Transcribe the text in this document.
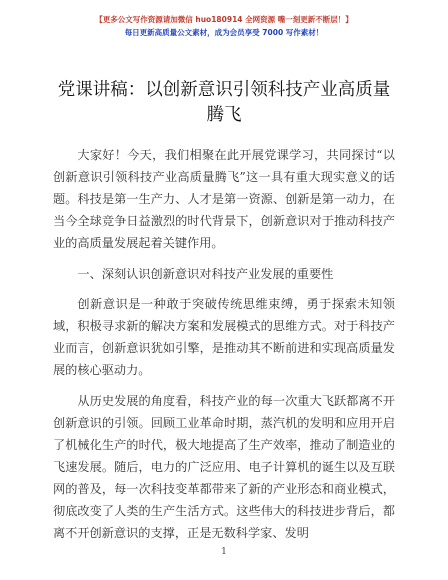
【更多公文写作资源请加微信 huo180914 全网资源 嘴一刻更新不断层！】
每日更新高质量公文素材，成为会员享受 7000 写作素材！
党课讲稿：以创新意识引领科技产业高质量腾飞

大家好！今天，我们相聚在此开展党课学习，共同探讨“以创新意识引领科技产业高质量腾飞”这一具有重大现实意义的话题。科技是第一生产力、人才是第一资源、创新是第一动力，在当今全球竞争日益激烈的时代背景下，创新意识对于推动科技产业的高质量发展起着关键作用。

一、深刻认识创新意识对科技产业发展的重要性

创新意识是一种敢于突破传统思维束缚，勇于探索未知领域，积极寻求新的解决方案和发展模式的思维方式。对于科技产业而言，创新意识犹如引擎，是推动其不断前进和实现高质量发展的核心驱动力。

从历史发展的角度看，科技产业的每一次重大飞跃都离不开创新意识的引领。回顾工业革命时期，蒸汽机的发明和应用开启了机械化生产的时代，极大地提高了生产效率，推动了制造业的飞速发展。随后，电力的广泛应用、电子计算机的诞生以及互联网的普及，每一次科技变革都带来了新的产业形态和商业模式，彻底改变了人类的生产生活方式。这些伟大的科技进步背后，都离不开创新意识的支撑，正是无数科学家、发明

1
